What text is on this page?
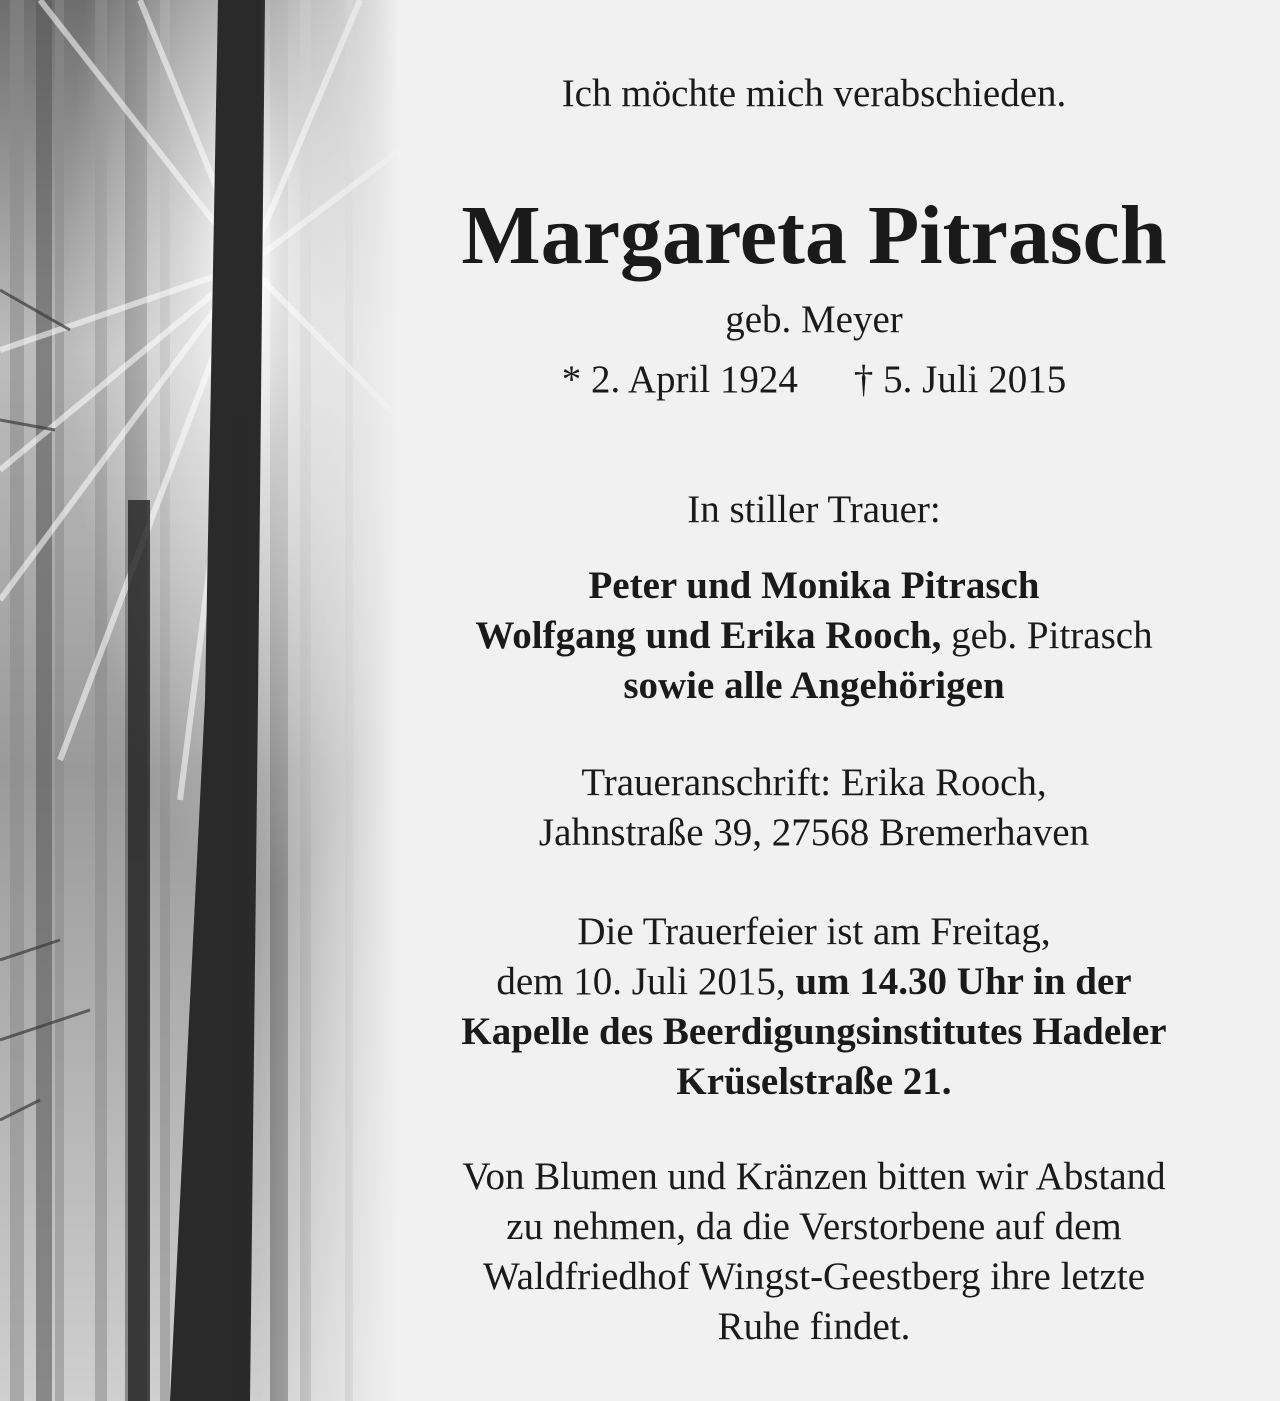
Ich möchte mich verabschieden.
Margareta Pitrasch
geb. Meyer
* 2. April 1924 † 5. Juli 2015
In stiller Trauer:
Peter und Monika Pitrasch
Wolfgang und Erika Rooch, geb. Pitrasch
sowie alle Angehörigen
Traueranschrift: Erika Rooch,
Jahnstraße 39, 27568 Bremerhaven
Die Trauerfeier ist am Freitag,
dem 10. Juli 2015, um 14.30 Uhr in der
Kapelle des Beerdigungsinstitutes Hadeler
Krüselstraße 21.
Von Blumen und Kränzen bitten wir Abstand
zu nehmen, da die Verstorbene auf dem
Waldfriedhof Wingst-Geestberg ihre letzte
Ruhe findet.
